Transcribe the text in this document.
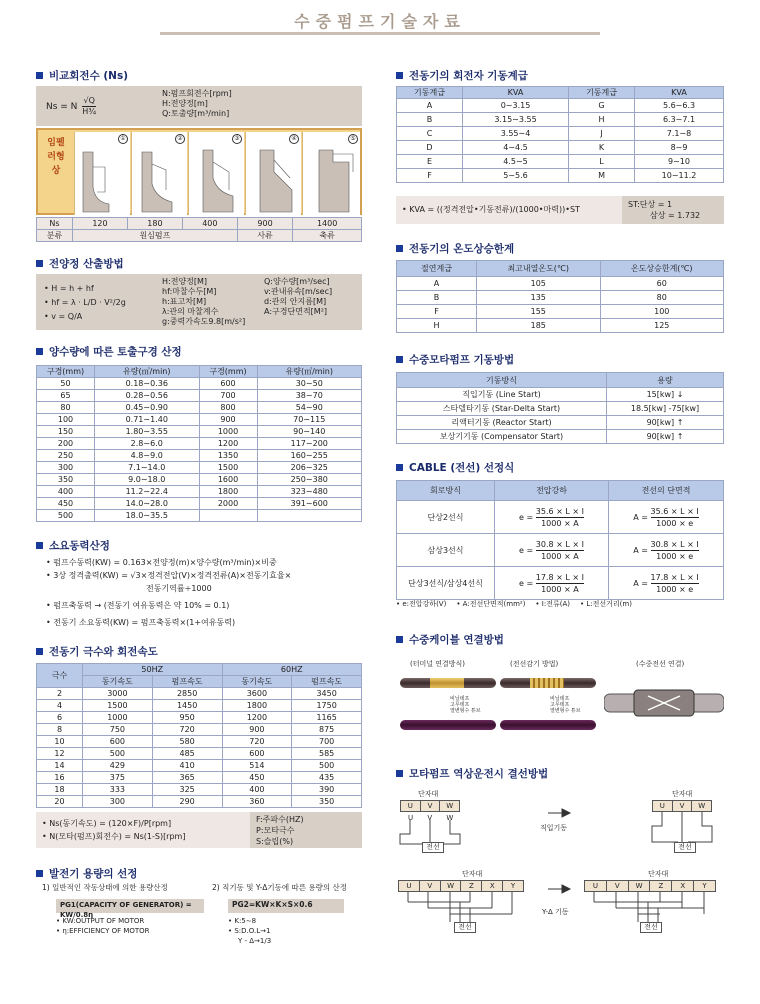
수중펌프기술자료
비교회전수 (Ns)
Ns = N $\frac{√Q}{\text{H¾}}$
N:펌프회전수[rpm]
H:전양정[m]
Q:토출량[m³/min]
임펠러형상
①	②	③	④	⑤
Ns	120	180	400	900	1400
분류	원심펌프			사류	축류
전양정 산출방법
• H = h + hf
• hf = λ · L/D · V²/2g
• v = Q/A
H:전양정[M]
hf:마찰수두[M]
h:표고차[M]
λ:관의 마찰계수
g:중력가속도9.8[m/s²]
Q:양수량[m³/sec]
v:관내유속[m/sec]
d:관의 안지름[M]
A:구경단면적[M²]
양수량에 따른 토출구경 산정
구경(mm)	유량(㎥/min)	구경(mm)	유량(㎥/min)
50	0.18∼0.36	600	30∼50
65	0.28∼0.56	700	38∼70
80	0.45∼0.90	800	54∼90
100	0.71∼1.40	900	70∼115
150	1.80∼3.55	1000	90∼140
200	2.8∼6.0	1200	117∼200
250	4.8∼9.0	1350	160∼255
300	7.1∼14.0	1500	206∼325
350	9.0∼18.0	1600	250∼380
400	11.2∼22.4	1800	323∼480
450	14.0∼28.0	2000	391∼600
500	18.0∼35.5		
소요동력산정
• 펌프수동력(KW) = 0.163×전양정(m)×양수량(m³/min)×비중
• 3상 정격출력(KW) = √3×정격전압(V)×정격전류(A)×전동기효율×
전동기역률÷1000
• 펌프축동력 → (전동기 여유동력은 약 10% = 0.1)
• 전동기 소요동력(KW) = 펌프축동력×(1+여유동력)
전동기 극수와 회전속도
극수	50HZ		60HZ	
	동기속도	펌프속도	동기속도	펌프속도
2	3000	2850	3600	3450
4	1500	1450	1800	1750
6	1000	950	1200	1165
8	750	720	900	875
10	600	580	720	700
12	500	485	600	585
14	429	410	514	500
16	375	365	450	435
18	333	325	400	390
20	300	290	360	350
• Ns(동기속도) = (120×F)/P[rpm]
• N(모타(펌프)회전수) = Ns(1-S)[rpm]
F:주파수(HZ)
P:모타극수
S:슬립(%)
발전기 용량의 선정
1) 일반적인 작동상태에 의한 용량산정	2) 직기동 및 Y-Δ기동에 따른 용량의 산정
PG1(CAPACITY OF GENERATOR) = KW/0.8η
PG2=KW×K×S×0.6
• KW:OUTPUT OF MOTOR
• η:EFFICIENCY OF MOTOR
• K:5∼8
• S:D.O.L→1
Y - Δ→1/3
전동기의 회전자 기동계급
기동계급	KVA	기동계급	KVA
A	0∼3.15	G	5.6∼6.3
B	3.15∼3.55	H	6.3∼7.1
C	3.55∼4	J	7.1∼8
D	4∼4.5	K	8∼9
E	4.5∼5	L	9∼10
F	5∼5.6	M	10∼11.2
• KVA = ((정격전압•기동전류)/(1000•마력))•ST
ST:단상 = 1
삼상 = 1.732
전동기의 온도상승한계
절연계급	최고내열온도(℃)	온도상승한계(℃)
A	105	60
B	135	80
F	155	100
H	185	125
수중모타펌프 기동방법
기동방식	용량
직입기동 (Line Start)	15[kw] ↓
스타델타기동 (Star-Delta Start)	18.5[kw] -75[kw]
리액터기동 (Reactor Start)	90[kw] ↑
보상기기동 (Compensator Start)	90[kw] ↑
CABLE (전선) 선정식
회로방식	전압강하	전선의 단면적
단상2선식	$e = \frac{35.6 \times L \times I}{1000 \times A}$	$A = \frac{35.6 \times L \times I}{1000 \times e}$

삼상3선식	$e = \frac{30.8 \times L \times I}{1000 \times A}$	$A = \frac{30.8 \times L \times I}{1000 \times e}$

단상3선식/삼상4선식	$e = \frac{17.8 \times L \times I}{1000 \times A}$	$A = \frac{17.8 \times L \times I}{1000 \times e}$
• e:전압강하(V) • A:전선단면적(mm²) • I:전류(A) • L:전선거리(m)
수중케이블 연결방법
(터미널 연결방식)	(전선감기 방법)	(수중전선 연결)
비닐테프
고무테프
열변형수 튜브
비닐테프
고무테프
열변형수 튜브
모타펌프 역상운전시 결선방법
단자대
U	V	W
U V W
전선
직입기동
단자대
U	V	W
전선
단자대
U	V	W	Z	X	Y
전선
Y-Δ 기동
단자대
U	V	W	Z	X	Y
전선
